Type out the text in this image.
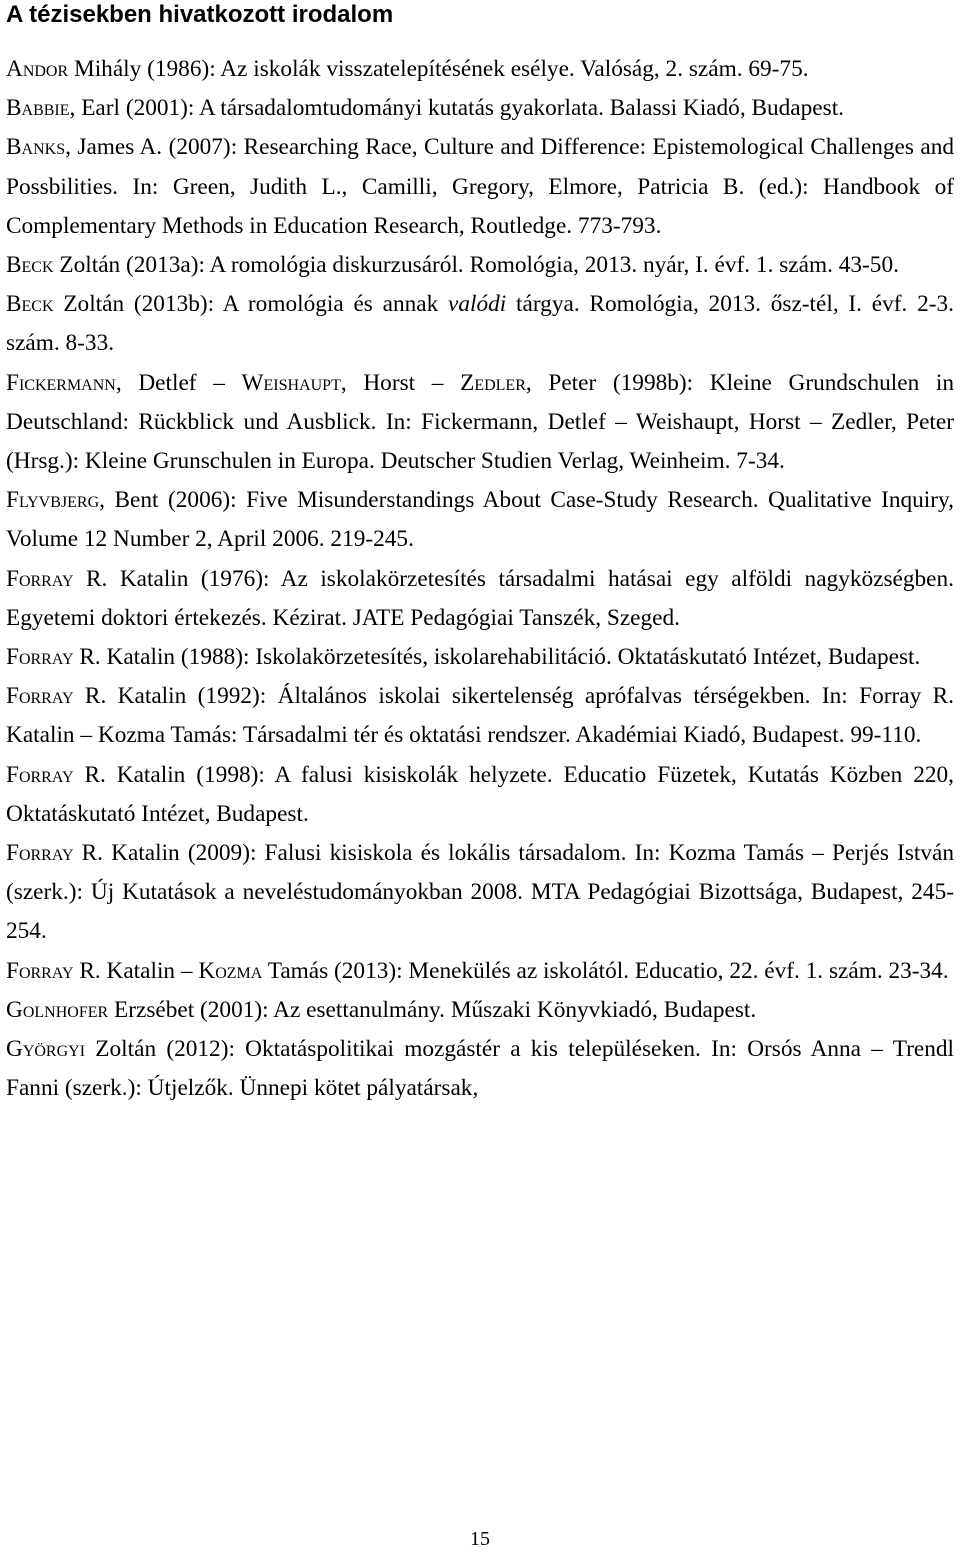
A tézisekben hivatkozott irodalom

Andor Mihály (1986): Az iskolák visszatelepítésének esélye. Valóság, 2. szám. 69-75.

Babbie, Earl (2001): A társadalomtudományi kutatás gyakorlata. Balassi Kiadó, Budapest.

Banks, James A. (2007): Researching Race, Culture and Difference: Epistemological Challenges and Possbilities. In: Green, Judith L., Camilli, Gregory, Elmore, Patricia B. (ed.): Handbook of Complementary Methods in Education Research, Routledge. 773-793.

Beck Zoltán (2013a): A romológia diskurzusáról. Romológia, 2013. nyár, I. évf. 1. szám. 43-50.

Beck Zoltán (2013b): A romológia és annak valódi tárgya. Romológia, 2013. ősz-tél, I. évf. 2-3. szám. 8-33.

Fickermann, Detlef – Weishaupt, Horst – Zedler, Peter (1998b): Kleine Grundschulen in Deutschland: Rückblick und Ausblick. In: Fickermann, Detlef – Weishaupt, Horst – Zedler, Peter (Hrsg.): Kleine Grunschulen in Europa. Deutscher Studien Verlag, Weinheim. 7-34.

Flyvbjerg, Bent (2006): Five Misunderstandings About Case-Study Research. Qualitative Inquiry, Volume 12 Number 2, April 2006. 219-245.

Forray R. Katalin (1976): Az iskolakörzetesítés társadalmi hatásai egy alföldi nagyközségben. Egyetemi doktori értekezés. Kézirat. JATE Pedagógiai Tanszék, Szeged.

Forray R. Katalin (1988): Iskolakörzetesítés, iskolarehabilitáció. Oktatáskutató Intézet, Budapest.

Forray R. Katalin (1992): Általános iskolai sikertelenség aprófalvas térségekben. In: Forray R. Katalin – Kozma Tamás: Társadalmi tér és oktatási rendszer. Akadémiai Kiadó, Budapest. 99-110.

Forray R. Katalin (1998): A falusi kisiskolák helyzete. Educatio Füzetek, Kutatás Közben 220, Oktatáskutató Intézet, Budapest.

Forray R. Katalin (2009): Falusi kisiskola és lokális társadalom. In: Kozma Tamás – Perjés István (szerk.): Új Kutatások a neveléstudományokban 2008. MTA Pedagógiai Bizottsága, Budapest, 245-254.

Forray R. Katalin – Kozma Tamás (2013): Menekülés az iskolától. Educatio, 22. évf. 1. szám. 23-34.

Golnhofer Erzsébet (2001): Az esettanulmány. Műszaki Könyvkiadó, Budapest.

Györgyi Zoltán (2012): Oktatáspolitikai mozgástér a kis településeken. In: Orsós Anna – Trendl Fanni (szerk.): Útjelzők. Ünnepi kötet pályatársak,

15
